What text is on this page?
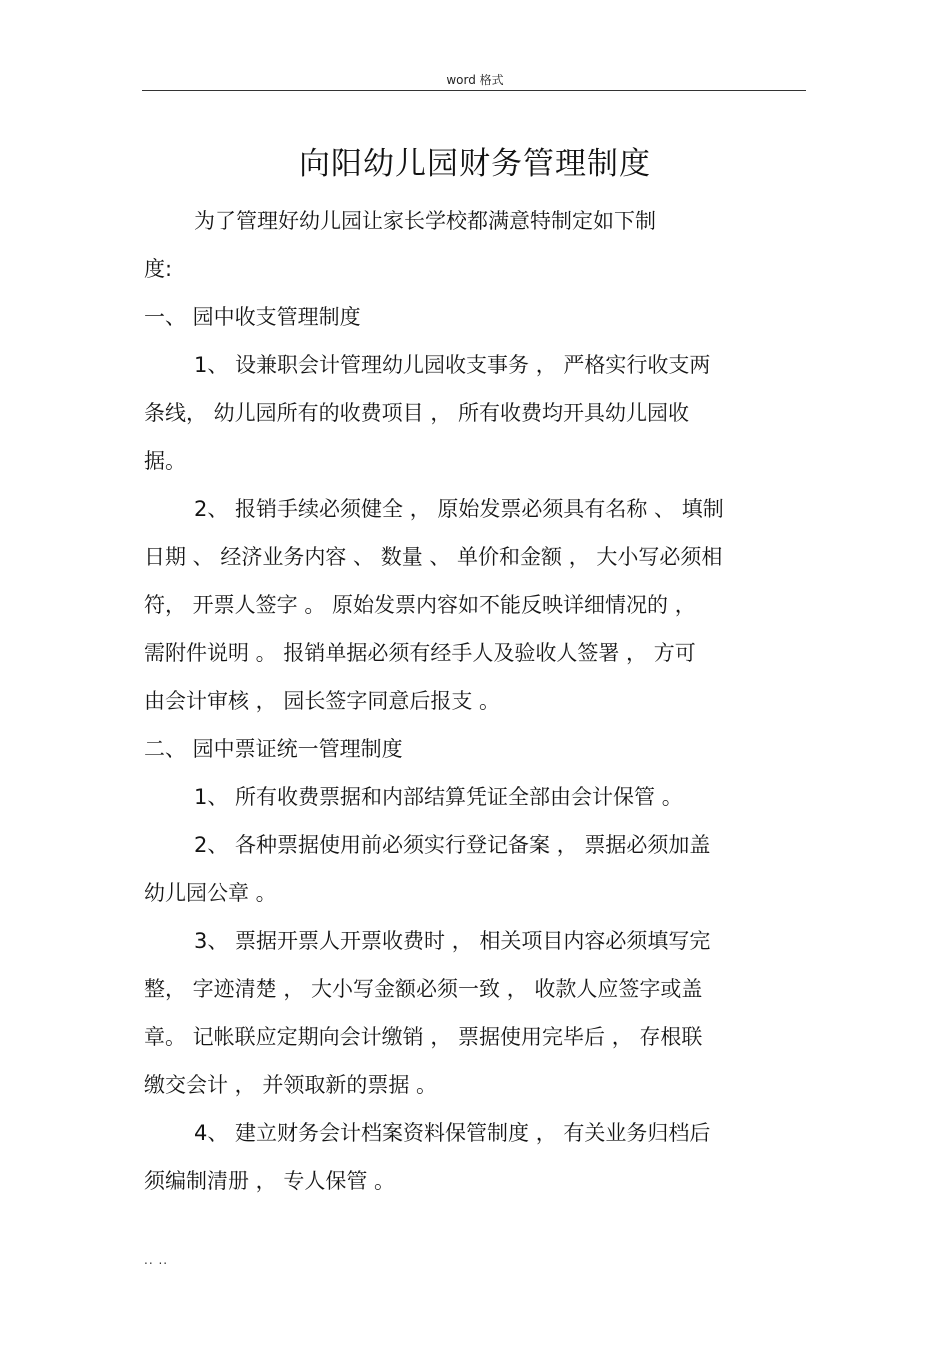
word 格式
向阳幼儿园财务管理制度

为了管理好幼儿园让家长学校都满意特制定如下制

度:

一、 园中收支管理制度

1、 设兼职会计管理幼儿园收支事务 ， 严格实行收支两

条线， 幼儿园所有的收费项目 ， 所有收费均开具幼儿园收

据。

2、 报销手续必须健全 ， 原始发票必须具有名称 、 填制

日期 、 经济业务内容 、 数量 、 单价和金额 ， 大小写必须相

符， 开票人签字 。 原始发票内容如不能反映详细情况的 ，

需附件说明 。 报销单据必须有经手人及验收人签署 ， 方可

由会计审核 ， 园长签字同意后报支 。

二、 园中票证统一管理制度

1、 所有收费票据和内部结算凭证全部由会计保管 。

2、 各种票据使用前必须实行登记备案 ， 票据必须加盖

幼儿园公章 。

3、 票据开票人开票收费时 ， 相关项目内容必须填写完

整， 字迹清楚 ， 大小写金额必须一致 ， 收款人应签字或盖

章。 记帐联应定期向会计缴销 ， 票据使用完毕后 ， 存根联

缴交会计 ， 并领取新的票据 。

4、 建立财务会计档案资料保管制度 ， 有关业务归档后

须编制清册 ， 专人保管 。

.. ..
